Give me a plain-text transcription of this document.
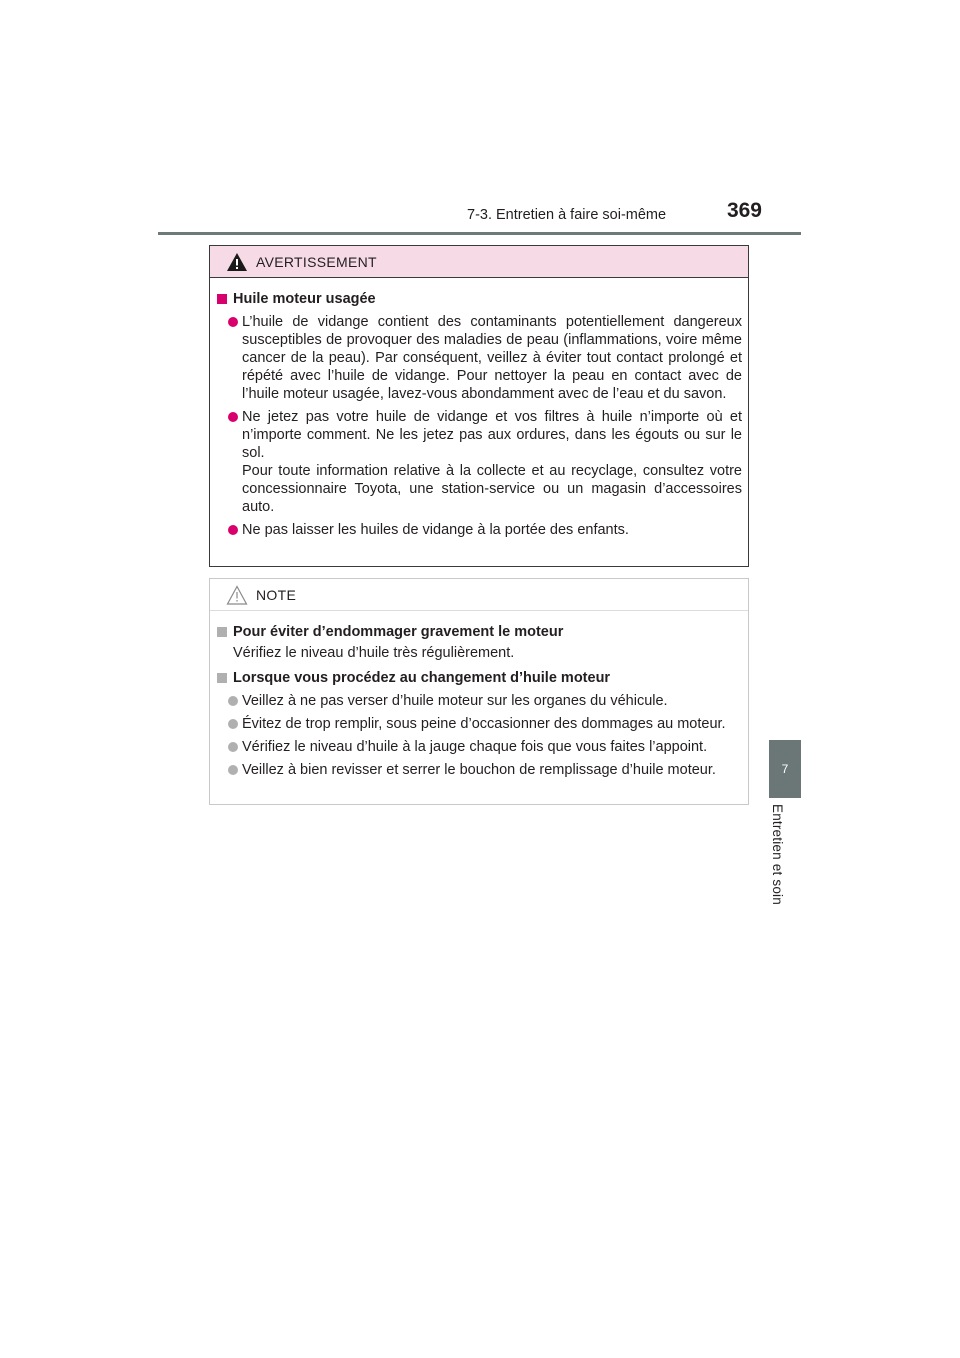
7-3. Entretien à faire soi-même	369
7
Entretien et soin
AVERTISSEMENT
Huile moteur usagée

L’huile de vidange contient des contaminants potentiellement dangereux susceptibles de provoquer des maladies de peau (inflammations, voire même cancer de la peau). Par conséquent, veillez à éviter tout contact prolongé et répété avec l’huile de vidange. Pour nettoyer la peau en contact avec de l’huile moteur usagée, lavez-vous abondamment avec de l’eau et du savon.

Ne jetez pas votre huile de vidange et vos filtres à huile n’importe où et n’importe comment. Ne les jetez pas aux ordures, dans les égouts ou sur le sol.

Pour toute information relative à la collecte et au recyclage, consultez votre concessionnaire Toyota, une station-service ou un magasin d’accessoires auto.

Ne pas laisser les huiles de vidange à la portée des enfants.

NOTE
Pour éviter d’endommager gravement le moteur
Vérifiez le niveau d’huile très régulièrement.
Lorsque vous procédez au changement d’huile moteur

Veillez à ne pas verser d’huile moteur sur les organes du véhicule.

Évitez de trop remplir, sous peine d’occasionner des dommages au moteur.

Vérifiez le niveau d’huile à la jauge chaque fois que vous faites l’appoint.

Veillez à bien revisser et serrer le bouchon de remplissage d’huile moteur.
